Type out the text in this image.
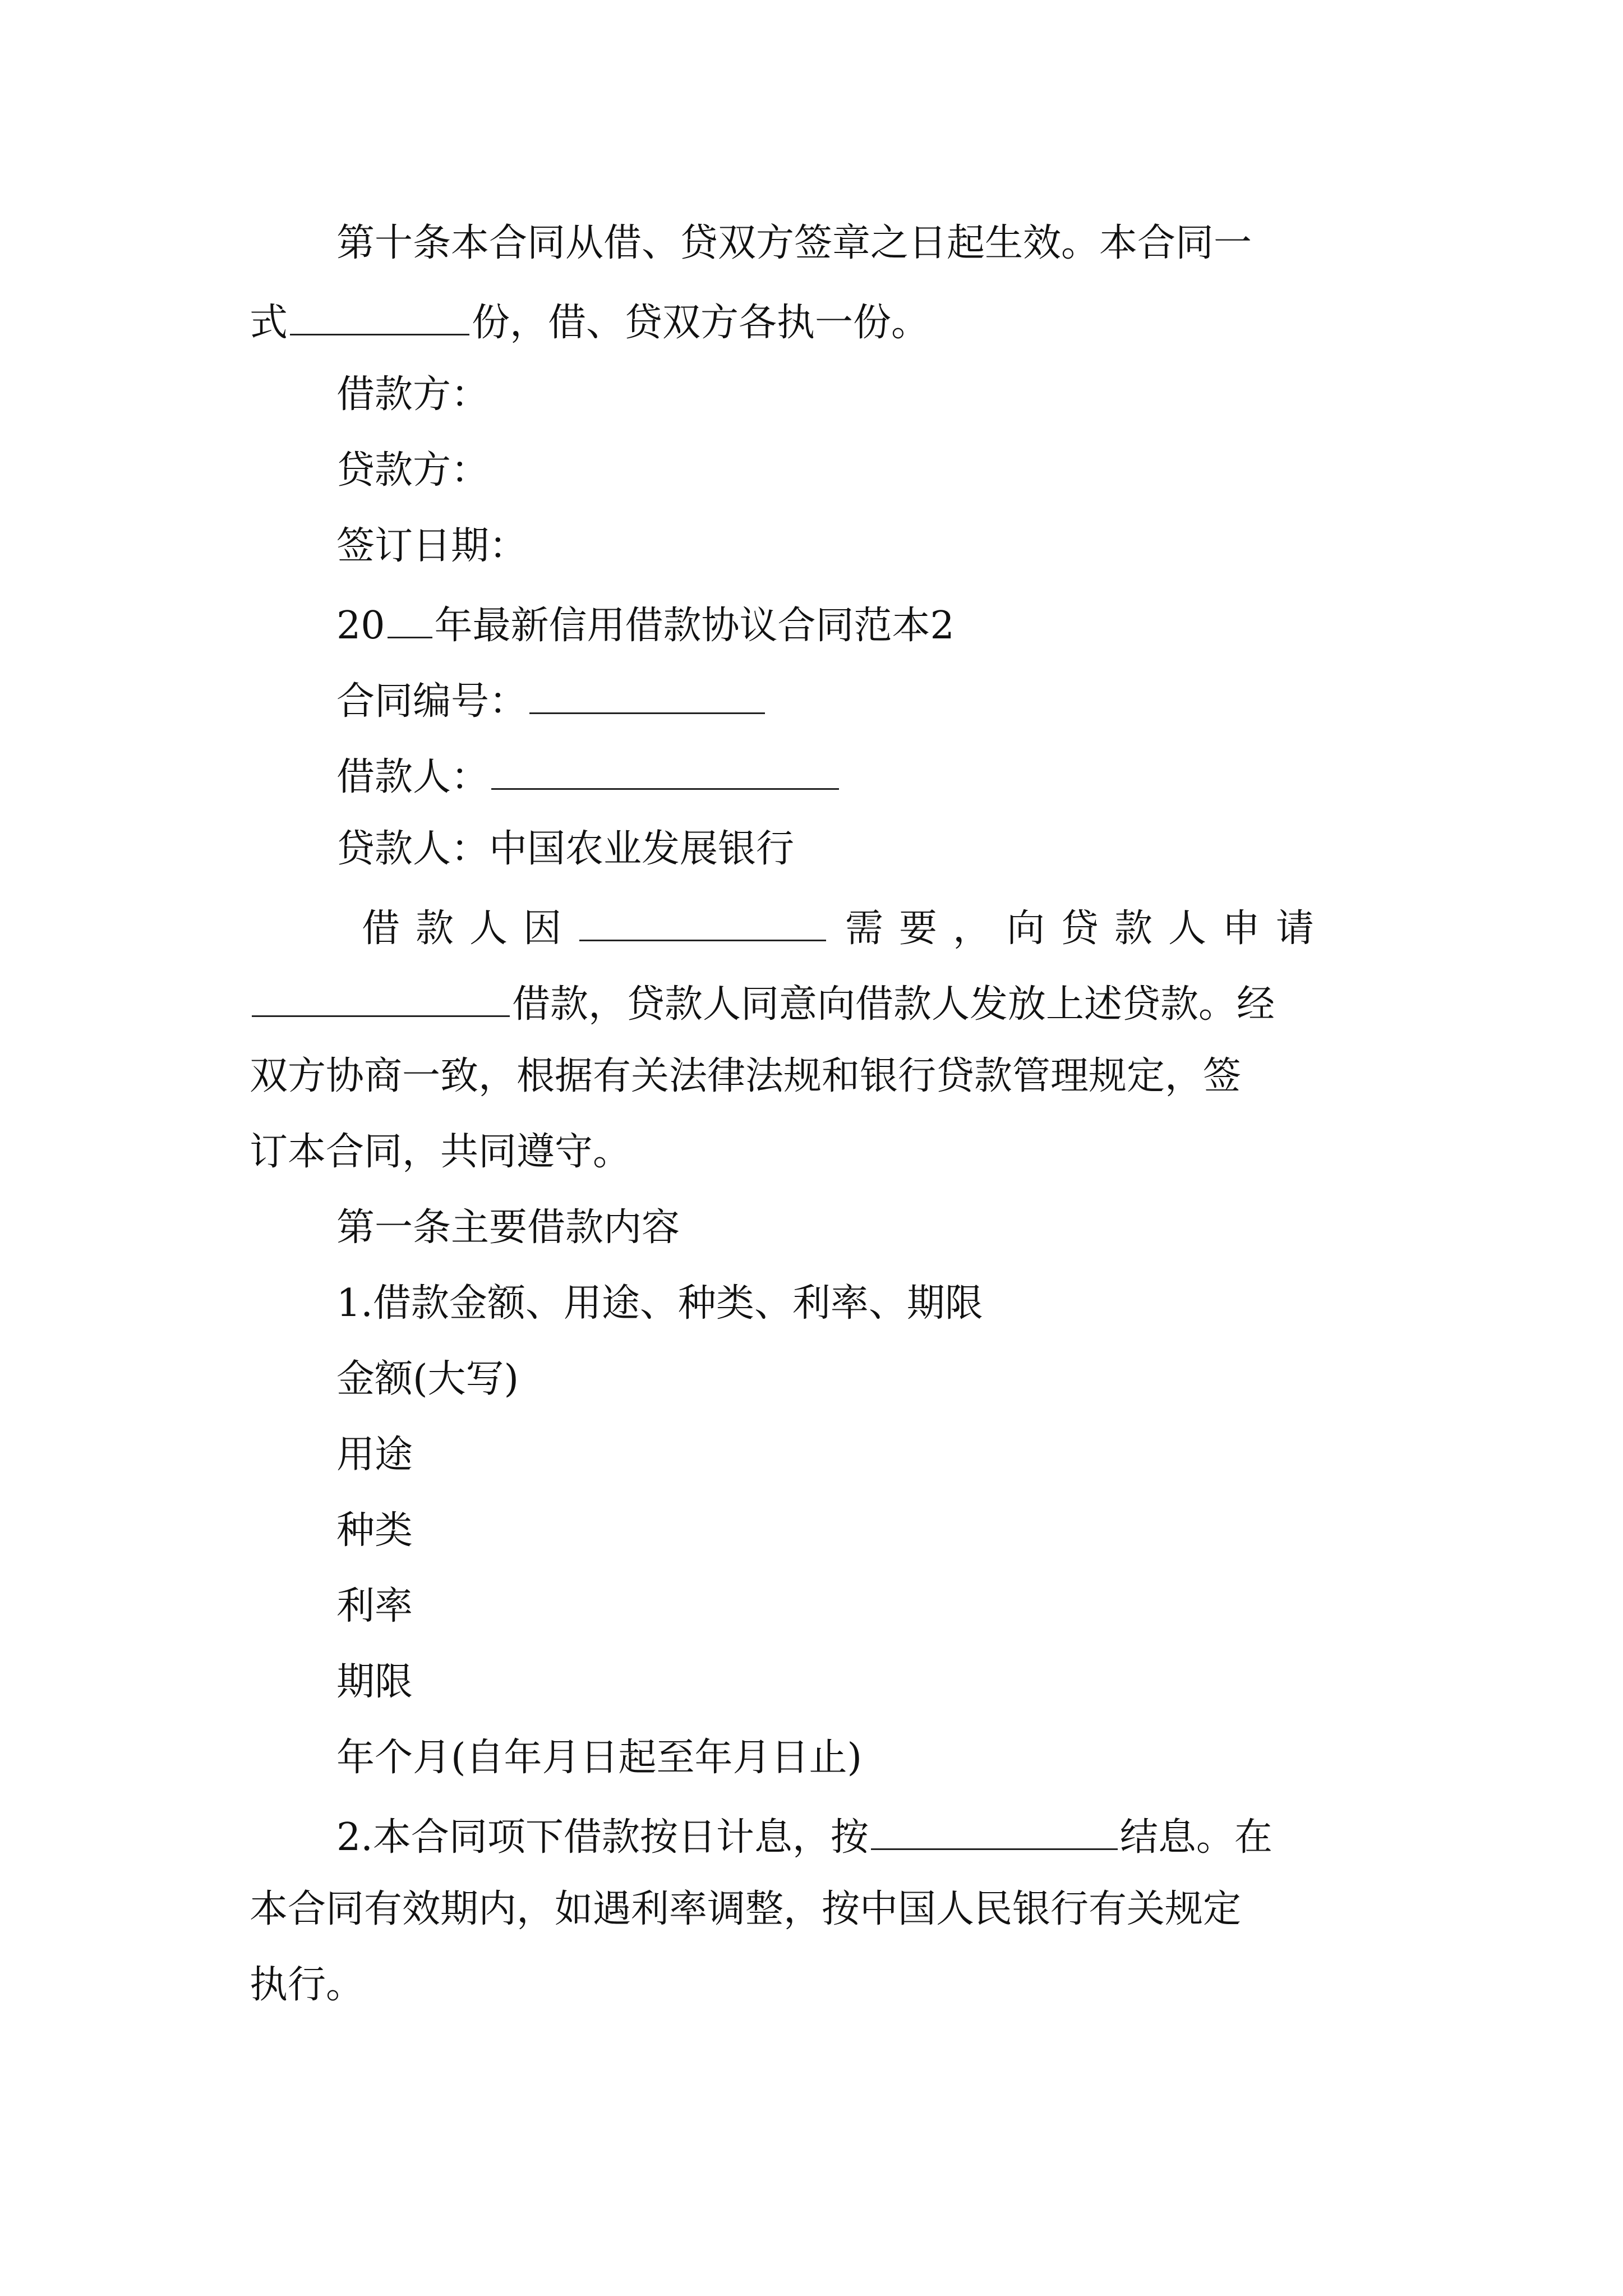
第十条本合同从借、贷双方签章之日起生效。本合同一
式	份，借、贷双方各执一份。
借款方：
贷款方：
签订日期：
20 年最新信用借款协议合同范本2
合同编号：
借款人：
贷款人：中国农业发展银行
借款人因	需要，向贷款人申请
借款，贷款人同意向借款人发放上述贷款。经
双方协商一致，根据有关法律法规和银行贷款管理规定，签
订本合同，共同遵守。
第一条主要借款内容
1.借款金额、用途、种类、利率、期限
金额(大写)
用途
种类
利率
期限
年个月(自年月日起至年月日止)
2.本合同项下借款按日计息，按	结息。在
本合同有效期内，如遇利率调整，按中国人民银行有关规定
执行。
